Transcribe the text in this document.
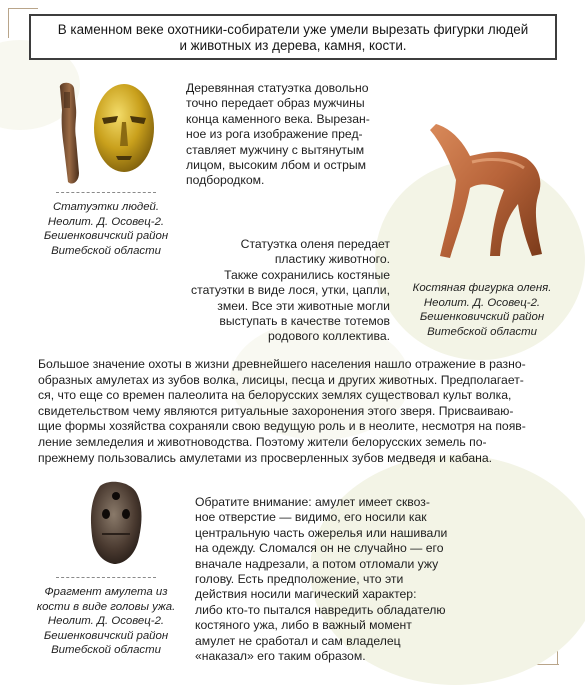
В каменном веке охотники-собиратели уже умели вырезать фигурки людей
и животных из дерева, камня, кости.
Статуэтки людей.
Неолит. Д. Осовец-2.
Бешенковичский район
Витебской области

Деревянная статуэтка довольно
точно передает образ мужчины
конца каменного века. Вырезан-
ное из рога изображение пред-
ставляет мужчину с вытянутым
лицом, высоким лбом и острым
подбородком.

Костяная фигурка оленя.
Неолит. Д. Осовец-2.
Бешенковичский район
Витебской области

Статуэтка оленя передает
пластику животного.
Также сохранились костяные
статуэтки в виде лося, утки, цапли,
змеи. Все эти животные могли
выступать в качестве тотемов
родового коллектива.

Большое значение охоты в жизни древнейшего населения нашло отражение в разно-
образных амулетах из зубов волка, лисицы, песца и других животных. Предполагает-
ся, что еще со времен палеолита на белорусских землях существовал культ волка,
свидетельством чему являются ритуальные захоронения этого зверя. Присваиваю-
щие формы хозяйства сохраняли свою ведущую роль и в неолите, несмотря на появ-
ление земледелия и животноводства. Поэтому жители белорусских земель по-
прежнему пользовались амулетами из просверленных зубов медведя и кабана.

Фрагмент амулета из
кости в виде головы ужа.
Неолит. Д. Осовец-2.
Бешенковичский район
Витебской области

Обратите внимание: амулет имеет сквоз-
ное отверстие — видимо, его носили как
центральную часть ожерелья или нашивали
на одежду. Сломался он не случайно — его
вначале надрезали, а потом отломали ужу
голову. Есть предположение, что эти
действия носили магический характер:
либо кто-то пытался навредить обладателю
костяного ужа, либо в важный момент
амулет не сработал и сам владелец
«наказал» его таким образом.
